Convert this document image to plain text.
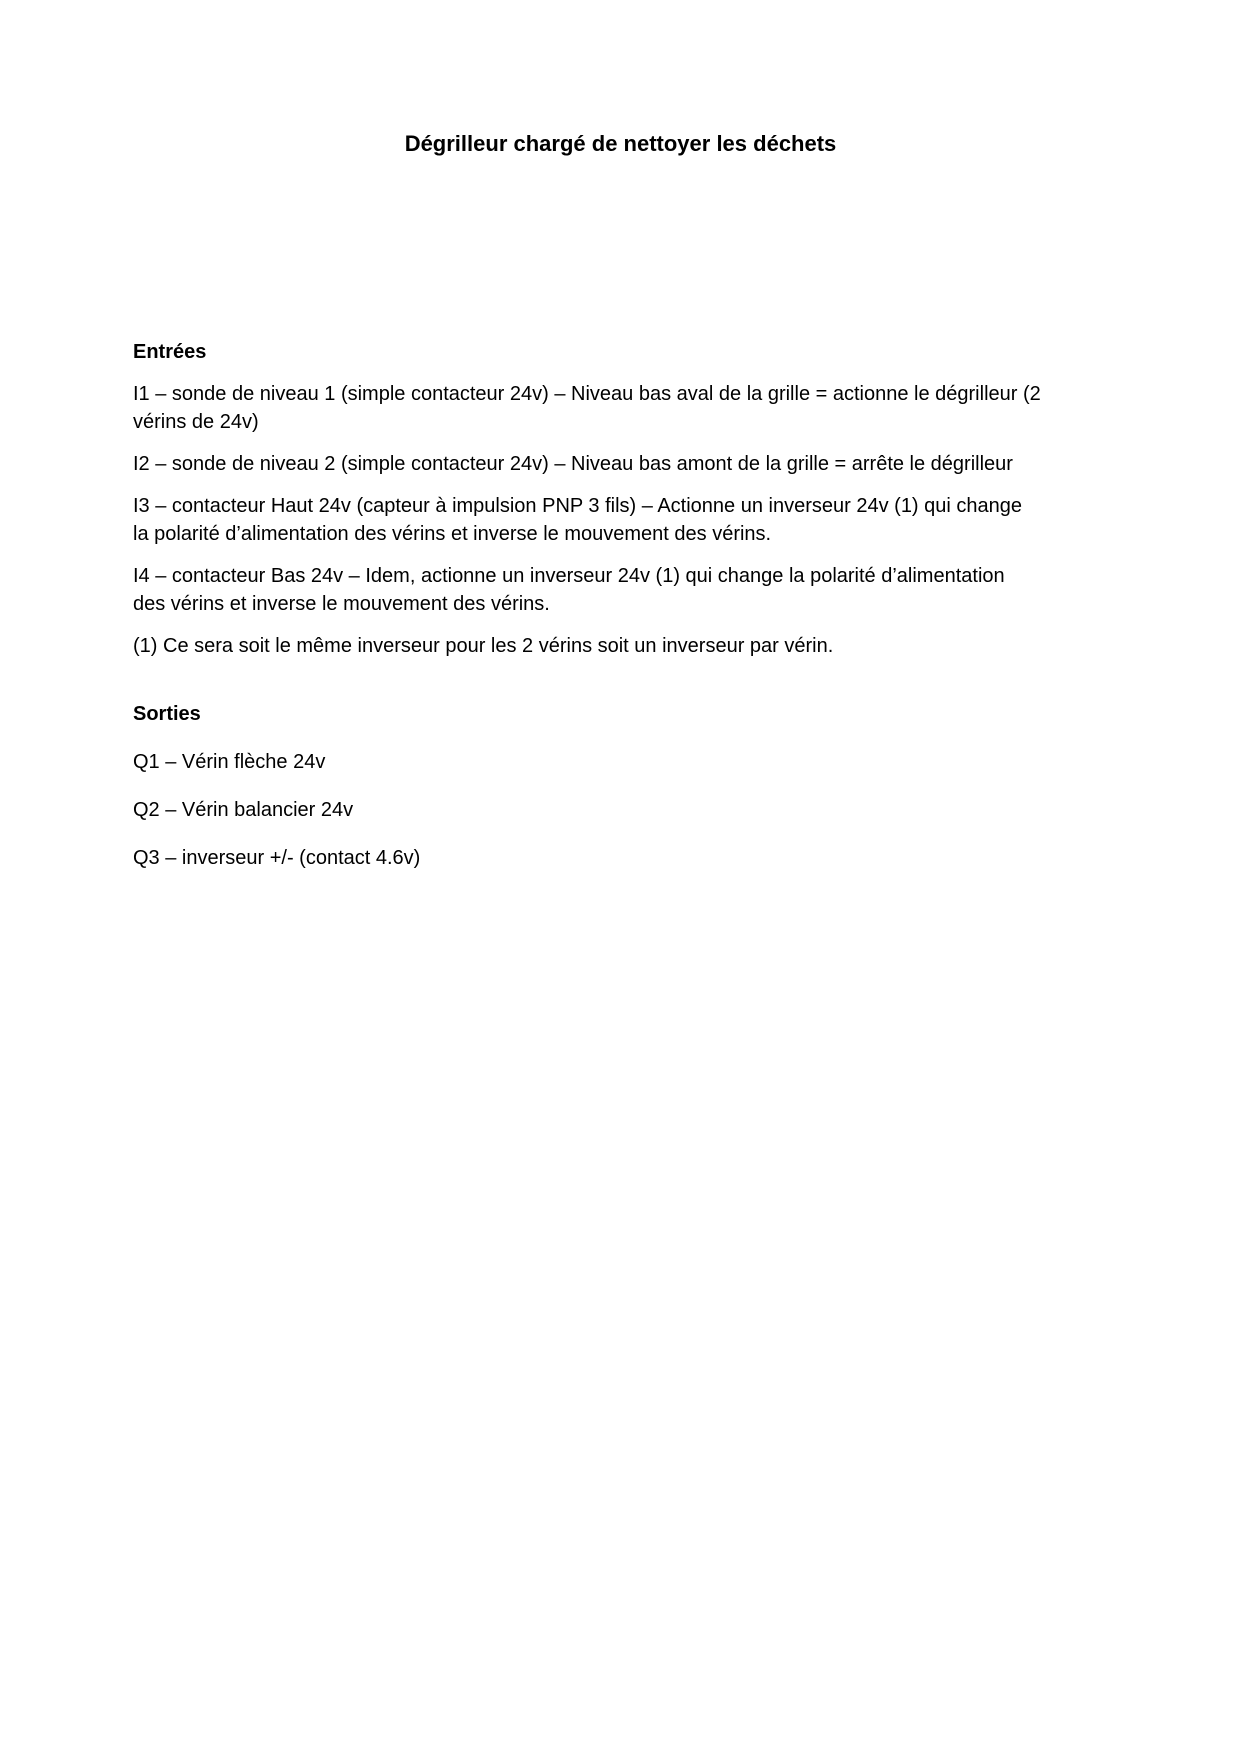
Dégrilleur chargé de nettoyer les déchets
Entrées

I1 – sonde de niveau 1 (simple contacteur 24v) – Niveau bas aval de la grille = actionne le dégrilleur (2
vérins de 24v)

I2 – sonde de niveau 2 (simple contacteur 24v) – Niveau bas amont de la grille = arrête le dégrilleur

I3 – contacteur Haut 24v (capteur à impulsion PNP 3 fils) – Actionne un inverseur 24v (1) qui change
la polarité d’alimentation des vérins et inverse le mouvement des vérins.

I4 – contacteur Bas 24v – Idem, actionne un inverseur 24v (1) qui change la polarité d’alimentation
des vérins et inverse le mouvement des vérins.

(1) Ce sera soit le même inverseur pour les 2 vérins soit un inverseur par vérin.

Sorties

Q1 – Vérin flèche 24v

Q2 – Vérin balancier 24v

Q3 – inverseur +/- (contact 4.6v)
